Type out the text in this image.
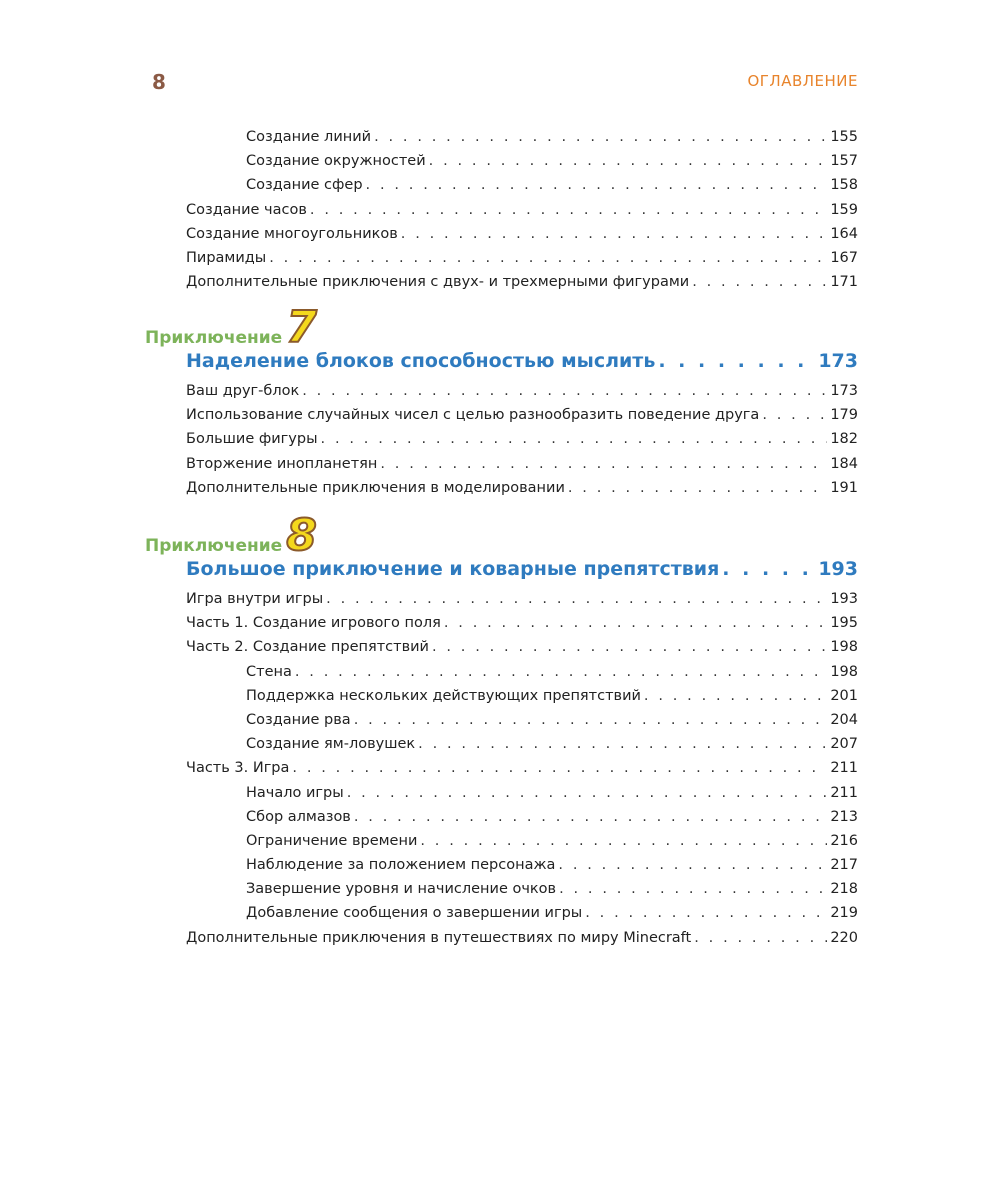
8	ОГЛАВЛЕНИЕ
Создание линий . . .	155
Создание окружностей . . .	157
Создание сфер . . .	158
Создание часов . . .	159
Создание многоугольников . . .	164
Пирамиды . . .	167
Дополнительные приключения с двух- и трехмерными фигурами . . .	171
Приключение 7
Наделение блоков способностью мыслить . . .	173
Ваш друг-блок . . .	173
Использование случайных чисел с целью разнообразить поведение друга . . .	179
Большие фигуры . . .	182
Вторжение инопланетян . . .	184
Дополнительные приключения в моделировании . . .	191
Приключение 8
Большое приключение и коварные препятствия . . .	193
Игра внутри игры . . .	193
Часть 1. Создание игрового поля . . .	195
Часть 2. Создание препятствий . . .	198
Стена . . .	198
Поддержка нескольких действующих препятствий . . .	201
Создание рва . . .	204
Создание ям-ловушек . . .	207
Часть 3. Игра . . .	211
Начало игры . . .	211
Сбор алмазов . . .	213
Ограничение времени . . .	216
Наблюдение за положением персонажа . . .	217
Завершение уровня и начисление очков . . .	218
Добавление сообщения о завершении игры . . .	219
Дополнительные приключения в путешествиях по миру Minecraft . . .	220
